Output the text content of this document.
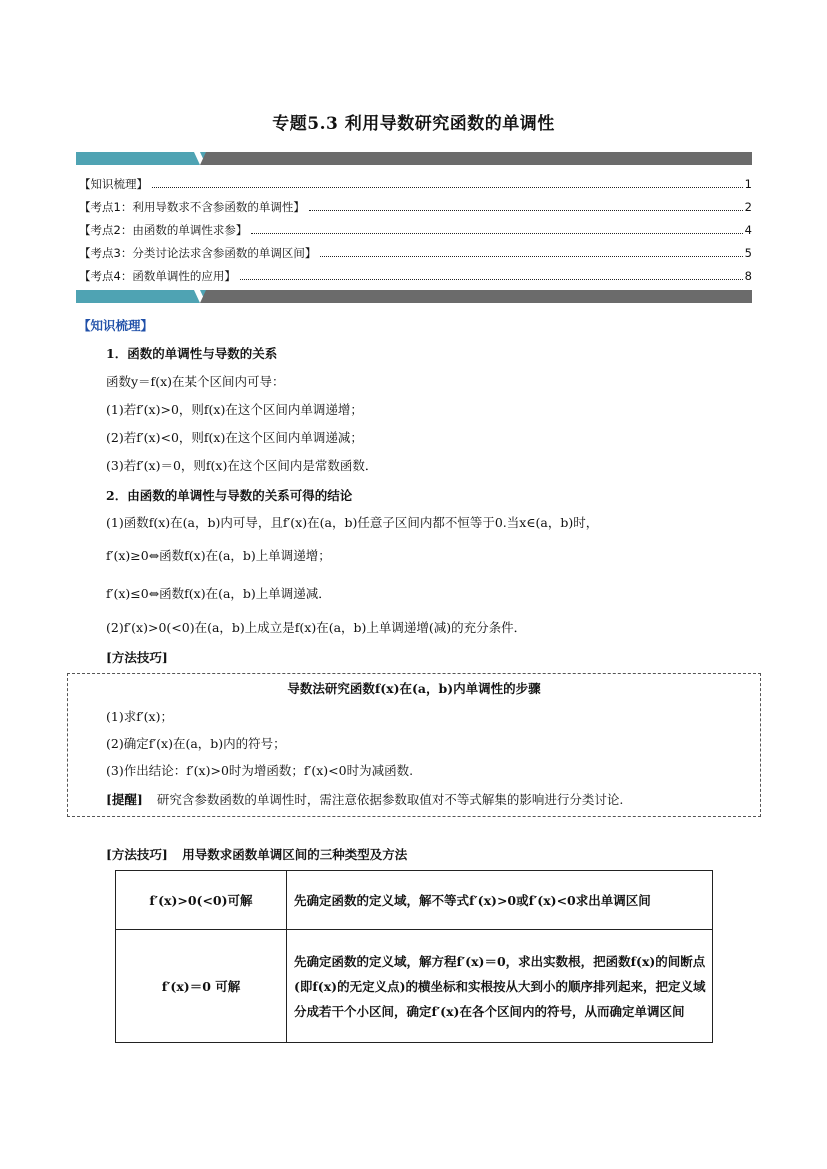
专题5.3 利用导数研究函数的单调性
【知识梳理】	1
【考点1：利用导数求不含参函数的单调性】	2
【考点2：由函数的单调性求参】	4
【考点3：分类讨论法求含参函数的单调区间】	5
【考点4：函数单调性的应用】	8
【知识梳理】
1．函数的单调性与导数的关系
函数y＝f(x)在某个区间内可导：
(1)若f′(x)>0，则f(x)在这个区间内单调递增；
(2)若f′(x)<0，则f(x)在这个区间内单调递减；
(3)若f′(x)＝0，则f(x)在这个区间内是常数函数．
2．由函数的单调性与导数的关系可得的结论
(1)函数f(x)在(a，b)内可导，且f′(x)在(a，b)任意子区间内都不恒等于0.当x∈(a，b)时，
f′(x)≥0⇔函数f(x)在(a，b)上单调递增；
f′(x)≤0⇔函数f(x)在(a，b)上单调递减．
(2)f′(x)>0(<0)在(a，b)上成立是f(x)在(a，b)上单调递增(减)的充分条件．
[方法技巧]
导数法研究函数f(x)在(a，b)内单调性的步骤
(1)求f′(x)；
(2)确定f′(x)在(a，b)内的符号；
(3)作出结论：f′(x)>0时为增函数；f′(x)<0时为减函数.
[提醒] 研究含参数函数的单调性时，需注意依据参数取值对不等式解集的影响进行分类讨论.
[方法技巧] 用导数求函数单调区间的三种类型及方法
f′(x)>0(<0)可解	先确定函数的定义域，解不等式f′(x)>0或f′(x)<0求出单调区间
f′(x)＝0 可解	先确定函数的定义域，解方程f′(x)＝0，求出实数根，把函数f(x)的间断点(即f(x)的无定义点)的横坐标和实根按从大到小的顺序排列起来，把定义域分成若干个小区间，确定f′(x)在各个区间内的符号，从而确定单调区间
